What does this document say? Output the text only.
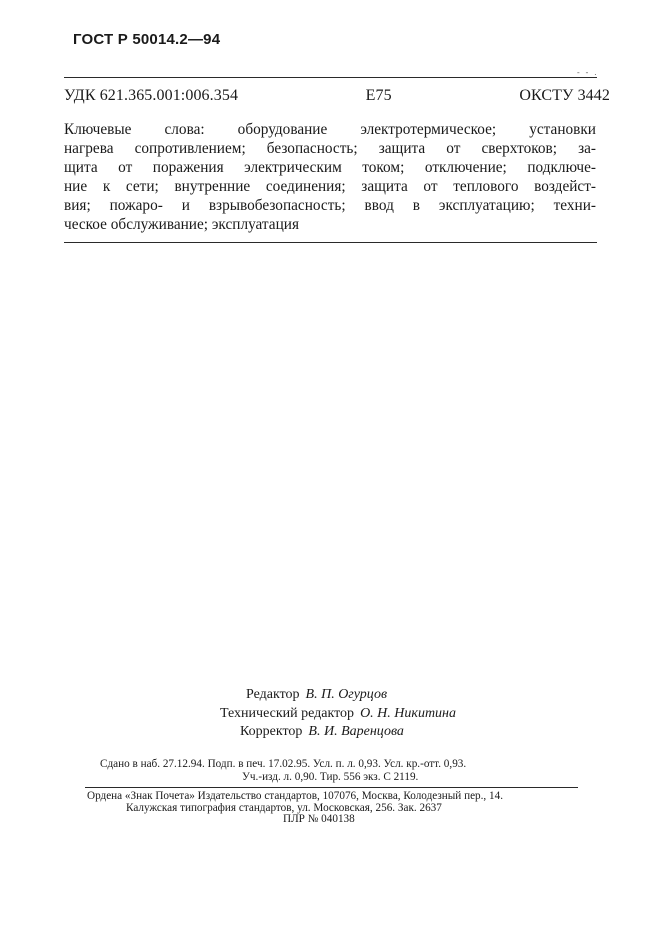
ГОСТ Р 50014.2—94
- - .
УДК 621.365.001:006.354	Е75	ОКСТУ 3442
Ключевые слова: оборудование электротермическое; установки
нагрева сопротивлением; безопасность; защита от сверхтоков; за-
щита от поражения электрическим током; отключение; подключе-
ние к сети; внутренние соединения; защита от теплового воздейст-
вия; пожаро- и взрывобезопасность; ввод в эксплуатацию; техни-
ческое обслуживание; эксплуатация
Редактор В. П. Огурцов
Технический редактор О. Н. Никитина
Корректор В. И. Варенцова
Сдано в наб. 27.12.94. Подп. в печ. 17.02.95. Усл. п. л. 0,93. Усл. кр.-отт. 0,93.
Уч.-изд. л. 0,90. Тир. 556 экз. С 2119.
Ордена «Знак Почета» Издательство стандартов, 107076, Москва, Колодезный пер., 14.
Калужская типография стандартов, ул. Московская, 256. Зак. 2637
ПЛР № 040138
